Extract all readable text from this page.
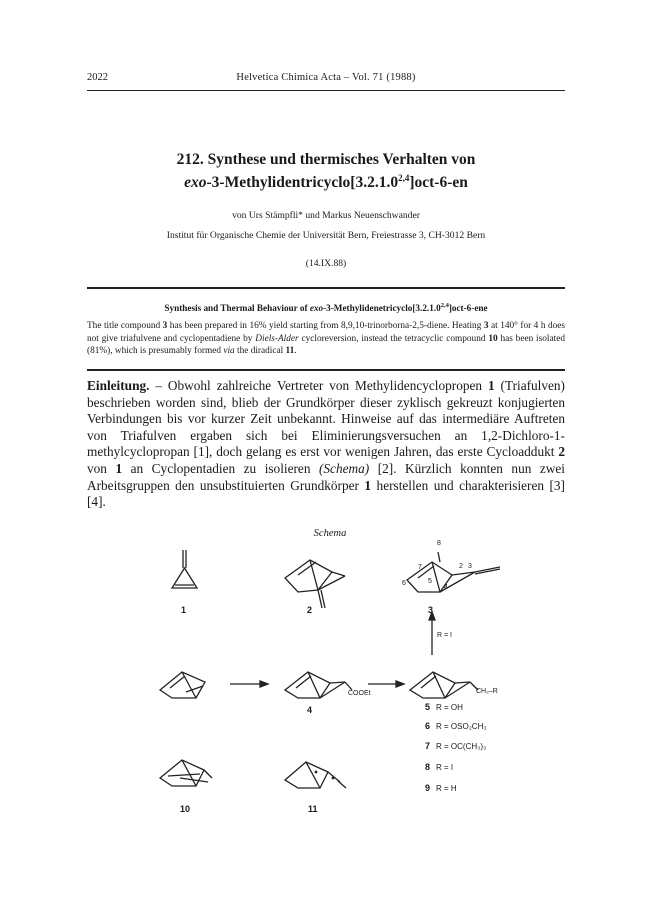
2022	Helvetica Chimica Acta – Vol. 71 (1988)
212. Synthese und thermisches Verhalten von
exo-3-Methylidentricyclo[3.2.1.0$^{2,4}$]oct-6-en
von Urs Stämpfli* und Markus Neuenschwander
Institut für Organische Chemie der Universität Bern, Freiestrasse 3, CH-3012 Bern
(14.IX.88)
Synthesis and Thermal Behaviour of exo-3-Methylidenetricyclo[3.2.1.0$^{2,4}$]oct-6-ene
The title compound 3 has been prepared in 16% yield starting from 8,9,10-trinorborna-2,5-diene. Heating 3 at 140° for 4 h does not give triafulvene and cyclopentadiene by Diels-Alder cycloreversion, instead the tetracyclic compound 10 has been isolated (81%), which is presumably formed via the diradical 11.
Einleitung. – Obwohl zahlreiche Vertreter von Methylidencyclopropen 1 (Triafulven) beschrieben worden sind, blieb der Grundkörper dieser zyklisch gekreuzt konjugierten Verbindungen bis vor kurzer Zeit unbekannt. Hinweise auf das intermediäre Auftreten von Triafulven ergaben sich bei Eliminierungsversuchen an 1,2-Dichloro-1-methylcyclopropan [1], doch gelang es erst vor wenigen Jahren, das erste Cycloaddukt 2 von 1 an Cyclopentadien zu isolieren (Schema) [2]. Kürzlich konnten nun zwei Arbeitsgruppen den unsubstituierten Grundkörper 1 herstellen und charakterisieren [3] [4].
Schema
1	2	3
4
10	11
8
7	2 3
6	5
4
R = I
COOEt	CH₂–R
5 R = OH
6 R = OSO₂CH₃
7 R = OC(CH₃)₃
8 R = I
9 R = H
